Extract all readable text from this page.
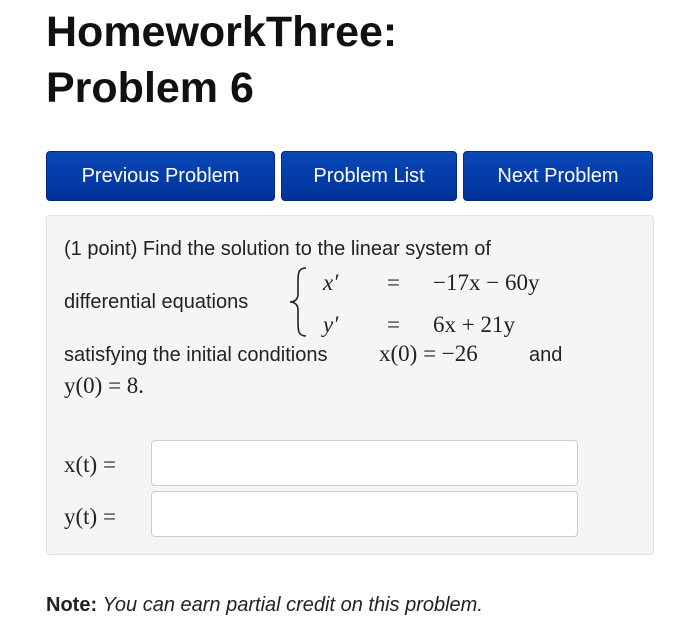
HomeworkThree:
Problem 6
Previous Problem	Problem List	Next Problem
(1 point) Find the solution to the linear system of
differential equations
x′ = −17x − 60y
y′ = 6x + 21y
satisfying the initial conditions x(0) = −26	and
y(0) = 8.
x(t) =
y(t) =
Note: You can earn partial credit on this problem.
